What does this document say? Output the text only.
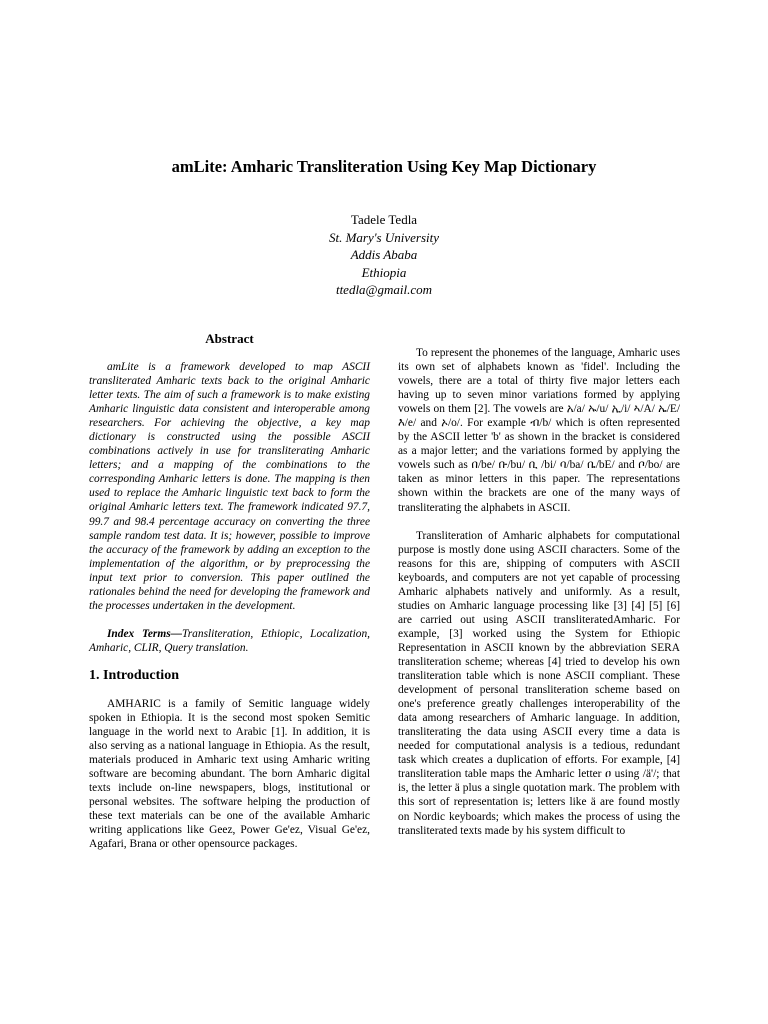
amLite: Amharic Transliteration Using Key Map Dictionary
Tadele Tedla
St. Mary's University
Addis Ababa
Ethiopia
ttedla@gmail.com
Abstract

amLite is a framework developed to map ASCII transliterated Amharic texts back to the original Amharic letter texts. The aim of such a framework is to make existing Amharic linguistic data consistent and interoperable among researchers. For achieving the objective, a key map dictionary is constructed using the possible ASCII combinations actively in use for transliterating Amharic letters; and a mapping of the combinations to the corresponding Amharic letters is done. The mapping is then used to replace the Amharic linguistic text back to form the original Amharic letters text. The framework indicated 97.7, 99.7 and 98.4 percentage accuracy on converting the three sample random test data. It is; however, possible to improve the accuracy of the framework by adding an exception to the implementation of the algorithm, or by preprocessing the input text prior to conversion. This paper outlined the rationales behind the need for developing the framework and the processes undertaken in the development.

Index Terms—Transliteration, Ethiopic, Localization, Amharic, CLIR, Query translation.

1. Introduction

AMHARIC is a family of Semitic language widely spoken in Ethiopia. It is the second most spoken Semitic language in the world next to Arabic [1]. In addition, it is also serving as a national language in Ethiopia. As the result, materials produced in Amharic text using Amharic writing software are becoming abundant. The born Amharic digital texts include on-line newspapers, blogs, institutional or personal websites. The software helping the production of these text materials can be one of the available Amharic writing applications like Geez, Power Ge'ez, Visual Ge'ez, Agafari, Brana or other opensource packages.

To represent the phonemes of the language, Amharic uses its own set of alphabets known as 'fidel'. Including the vowels, there are a total of thirty five major letters each having up to seven minor variations formed by applying vowels on them [2]. The vowels are አ/a/ ኡ/u/ ኢ/i/ ኣ/A/ ኤ/E/ እ/e/ and ኦ/o/. For example ብ/b/ which is often represented by the ASCII letter 'b' as shown in the bracket is considered as a major letter; and the variations formed by applying the vowels such as በ/be/ ቡ/bu/ ቢ /bi/ ባ/ba/ ቤ/bE/ and ቦ/bo/ are taken as minor letters in this paper. The representations shown within the brackets are one of the many ways of transliterating the alphabets in ASCII.

Transliteration of Amharic alphabets for computational purpose is mostly done using ASCII characters. Some of the reasons for this are, shipping of computers with ASCII keyboards, and computers are not yet capable of processing Amharic alphabets natively and uniformly. As a result, studies on Amharic language processing like [3] [4] [5] [6] are carried out using ASCII transliteratedAmharic. For example, [3] worked using the System for Ethiopic Representation in ASCII known by the abbreviation SERA transliteration scheme; whereas [4] tried to develop his own transliteration table which is none ASCII compliant. These development of personal transliteration scheme based on one's preference greatly challenges interoperability of the data among researchers of Amharic language. In addition, transliterating the data using ASCII every time a data is needed for computational analysis is a tedious, redundant task which creates a duplication of efforts. For example, [4] transliteration table maps the Amharic letter ዐ using /ä'/; that is, the letter ä plus a single quotation mark. The problem with this sort of representation is; letters like ä are found mostly on Nordic keyboards; which makes the process of using the transliterated texts made by his system difficult to
